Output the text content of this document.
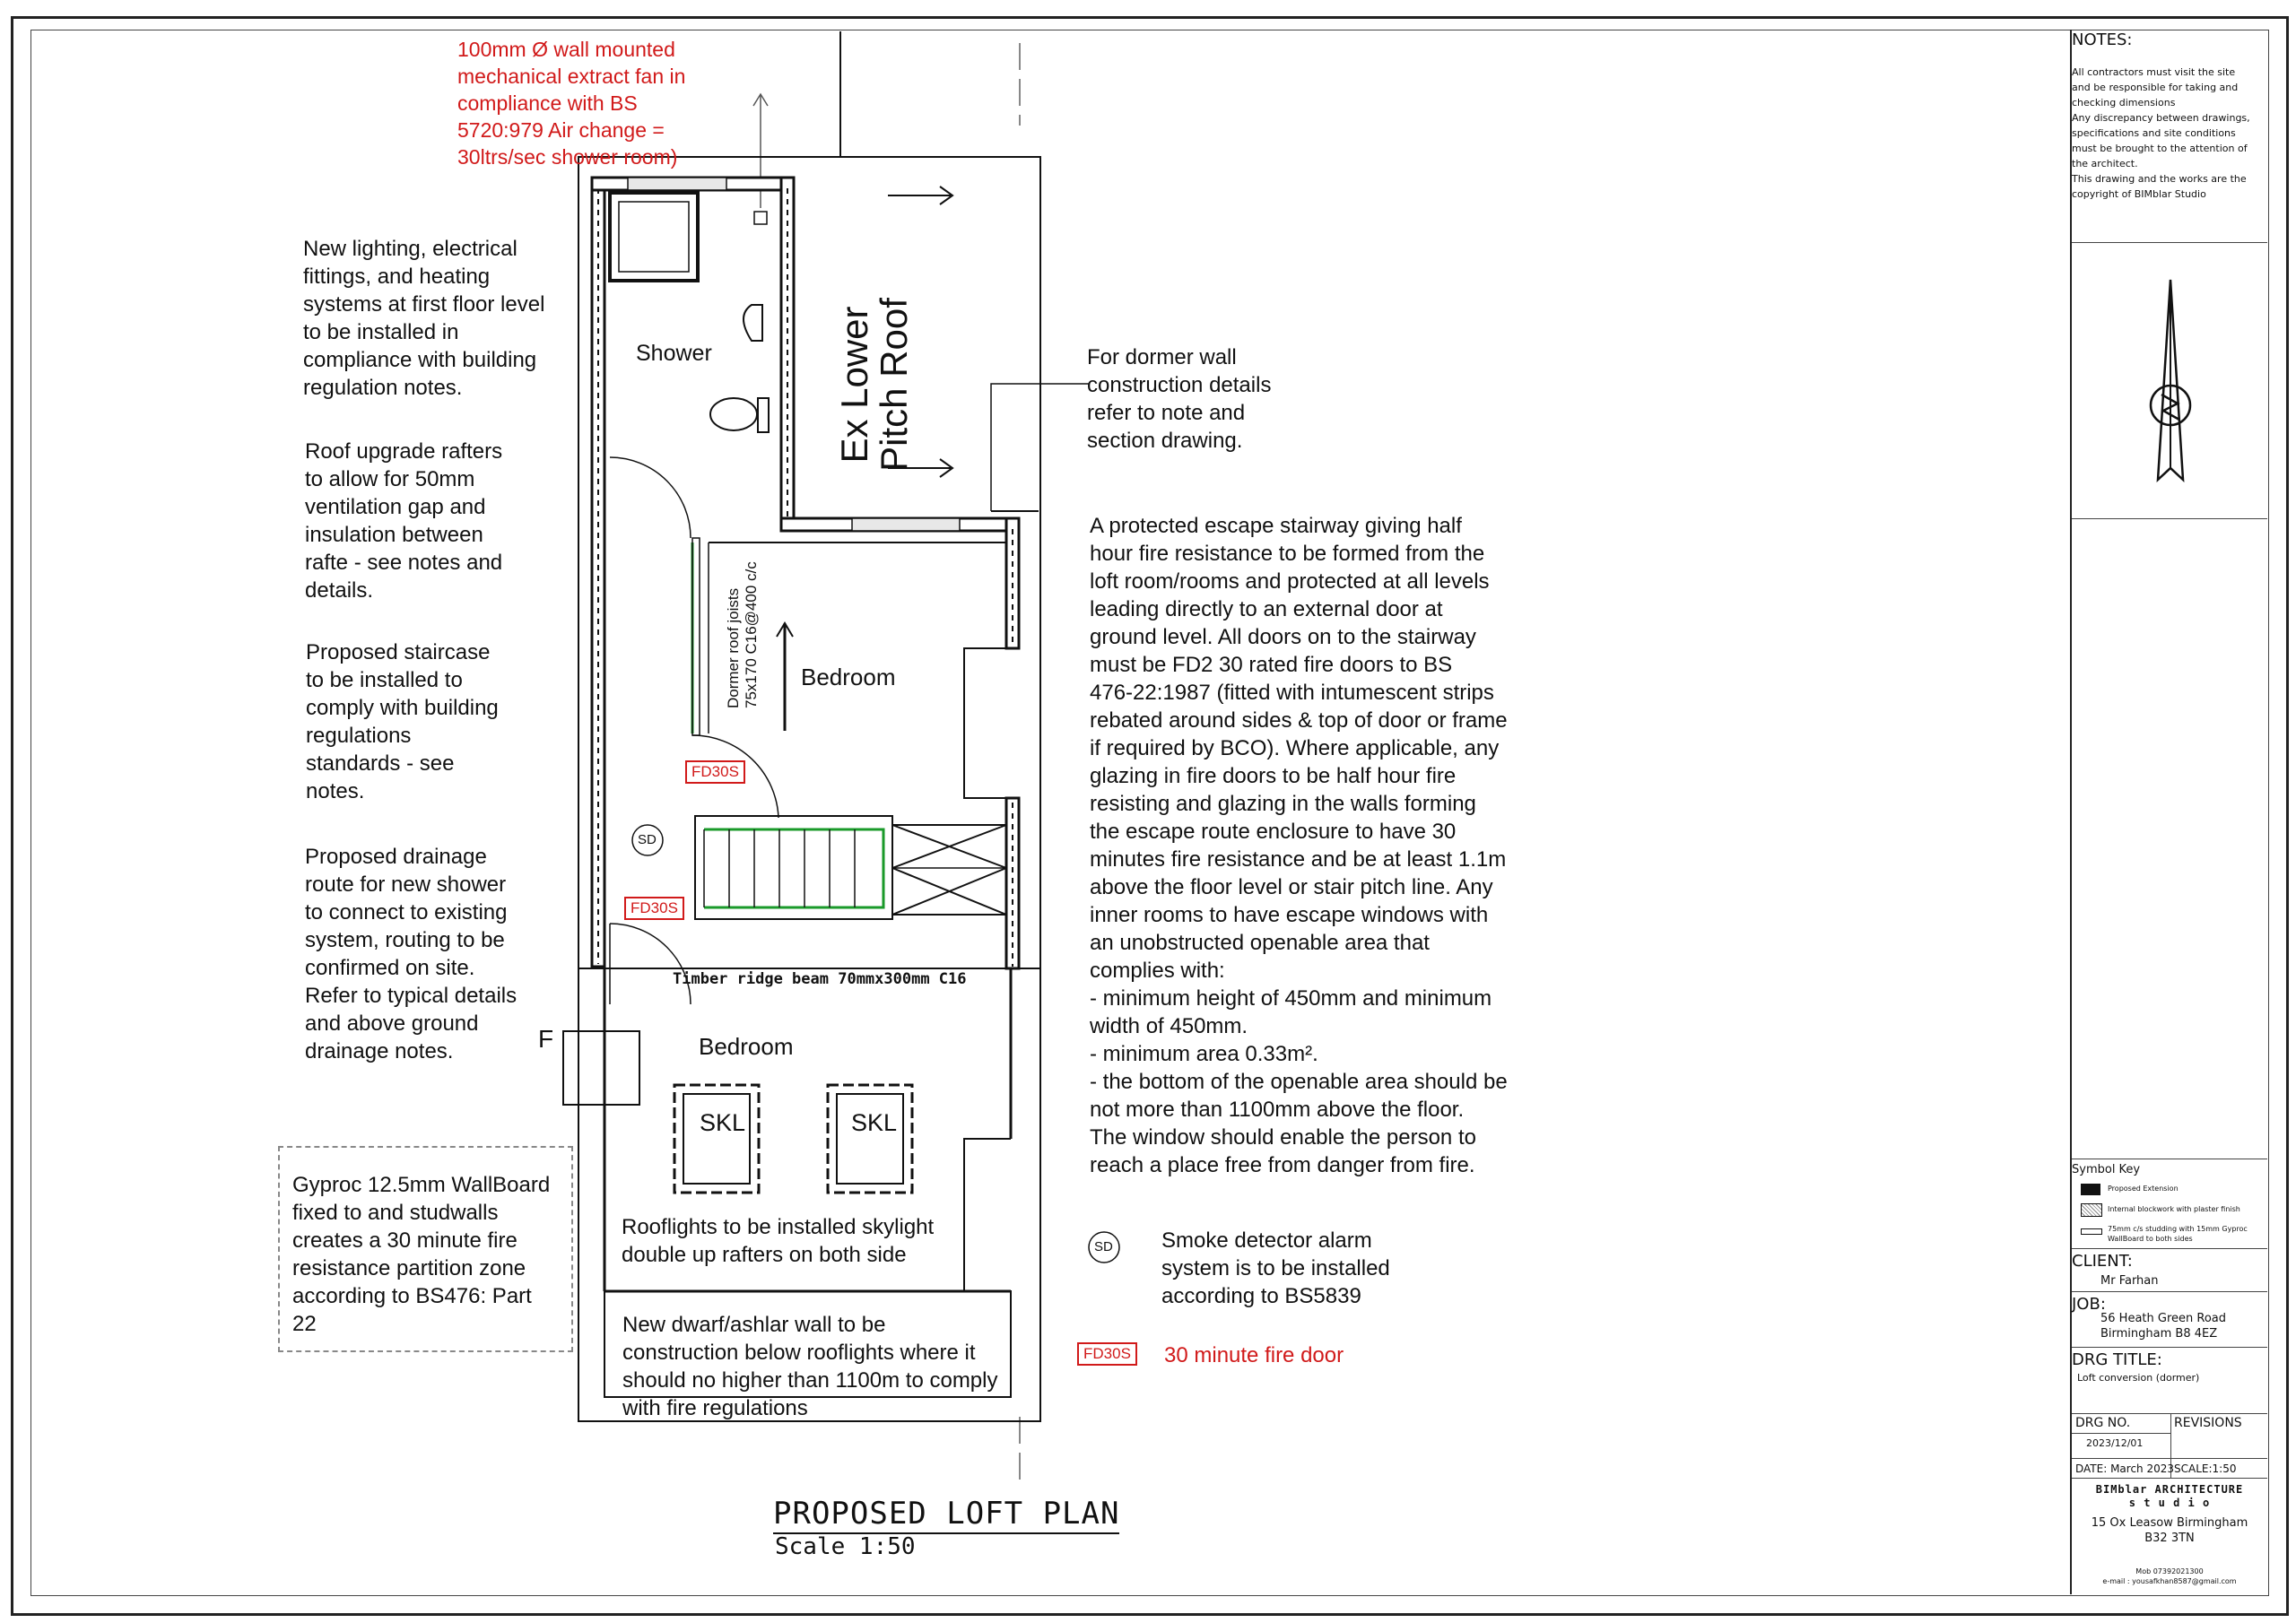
Shower
Bedroom
Bedroom
Ex Lower
Pitch Roof
Dormer roof joists
75x170 C16@400 c/c
Timber ridge beam 70mmx300mm C16
FD30S
FD30S
SD
SKL	SKL
F
Rooflights to be installed skylight
double up rafters on both side
New dwarf/ashlar wall to be
construction below rooflights where it
should no higher than 1100m to comply
with fire regulations
100mm Ø wall mounted
mechanical extract fan in
compliance with BS
5720:979 Air change =
30ltrs/sec shower room)
New lighting, electrical
fittings, and heating
systems at first floor level
to be installed in
compliance with building
regulation notes.
Roof upgrade rafters
to allow for 50mm
ventilation gap and
insulation between
rafte - see notes and
details.
Proposed staircase
to be installed to
comply with building
regulations
standards - see
notes.
Proposed drainage
route for new shower
to connect to existing
system, routing to be
confirmed on site.
Refer to typical details
and above ground
drainage notes.
Gyproc 12.5mm WallBoard
fixed to and studwalls
creates a 30 minute fire
resistance partition zone
according to BS476: Part
22
For dormer wall
construction details
refer to note and
section drawing.
A protected escape stairway giving half
hour fire resistance to be formed from the
loft room/rooms and protected at all levels
leading directly to an external door at
ground level. All doors on to the stairway
must be FD2 30 rated fire doors to BS
476-22:1987 (fitted with intumescent strips
rebated around sides & top of door or frame
if required by BCO). Where applicable, any
glazing in fire doors to be half hour fire
resisting and glazing in the walls forming
the escape route enclosure to have 30
minutes fire resistance and be at least 1.1m
above the floor level or stair pitch line. Any
inner rooms to have escape windows with
an unobstructed openable area that
complies with:
- minimum height of 450mm and minimum
width of 450mm.
- minimum area 0.33m².
- the bottom of the openable area should be
not more than 1100mm above the floor.
The window should enable the person to
reach a place free from danger from fire.
SD Smoke detector alarm
system is to be installed
according to BS5839
FD30S 30 minute fire door
PROPOSED LOFT PLAN
Scale 1:50
NOTES:
All contractors must visit the site
and be responsible for taking and
checking dimensions
Any discrepancy between drawings,
specifications and site conditions
must be brought to the attention of
the architect.
This drawing and the works are the
copyright of BIMblar Studio
Symbol Key
Proposed Extension
Internal blockwork with plaster finish
75mm c/s studding with 15mm Gyproc
WallBoard to both sides
CLIENT:
Mr Farhan
JOB:
56 Heath Green Road
Birmingham B8 4EZ
DRG TITLE:
Loft conversion (dormer)
DRG NO.	REVISIONS
2023/12/01
DATE: March 2023 SCALE:1:50
BIMblar ARCHITECTURE
s t u d i o
15 Ox Leasow Birmingham
B32 3TN
Mob 07392021300
e-mail : yousafkhan8587@gmail.com
